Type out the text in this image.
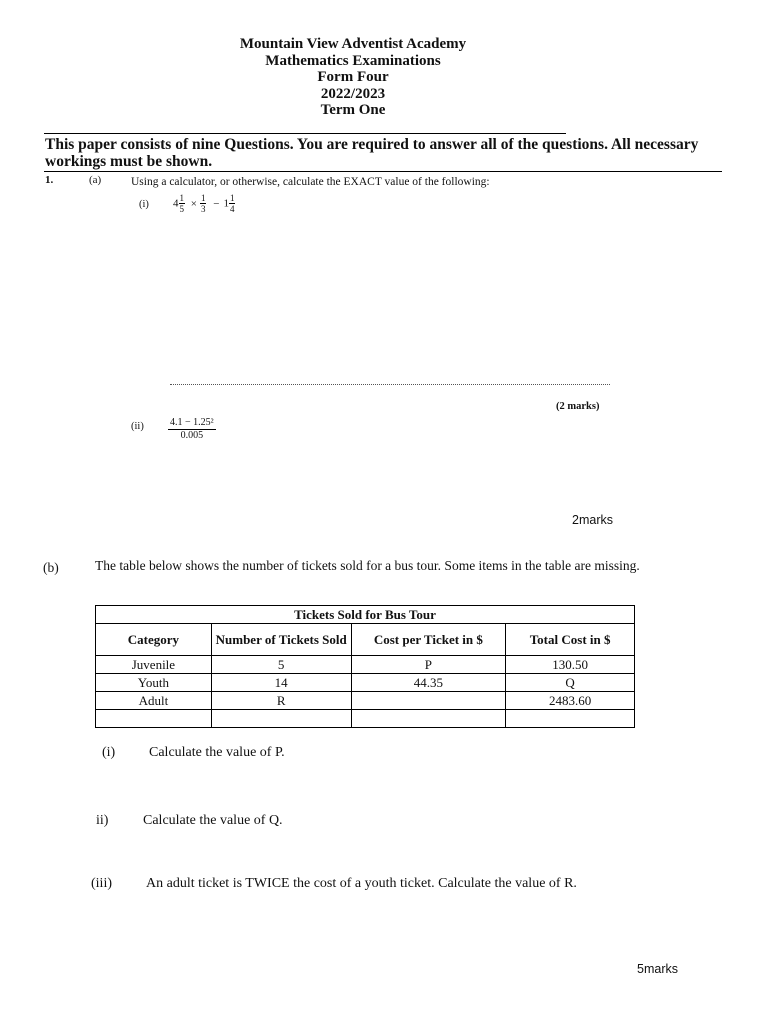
Mountain View Adventist Academy
Mathematics Examinations
Form Four
2022/2023
Term One
This paper consists of nine Questions. You are required to answer all of the questions. All necessary workings must be shown.
1.	(a)	Using a calculator, or otherwise, calculate the EXACT value of the following:
(i) $4 \frac{1}{5} \times \frac{1}{3} - 1 \frac{1}{4}$
(2 marks)
$(ii) \frac{\text{4.1 − 1.25²}}{0.005}$
2marks
(b)	The table below shows the number of tickets sold for a bus tour. Some items in the table are missing.
Tickets Sold for Bus Tour			
Category	Number of Tickets Sold	Cost per Ticket in $	Total Cost in $
Juvenile	5	P	130.50
Youth	14	44.35	Q
Adult	R		2483.60

(i) Calculate the value of P.
ii) Calculate the value of Q.
(iii) An adult ticket is TWICE the cost of a youth ticket. Calculate the value of R.
5marks
